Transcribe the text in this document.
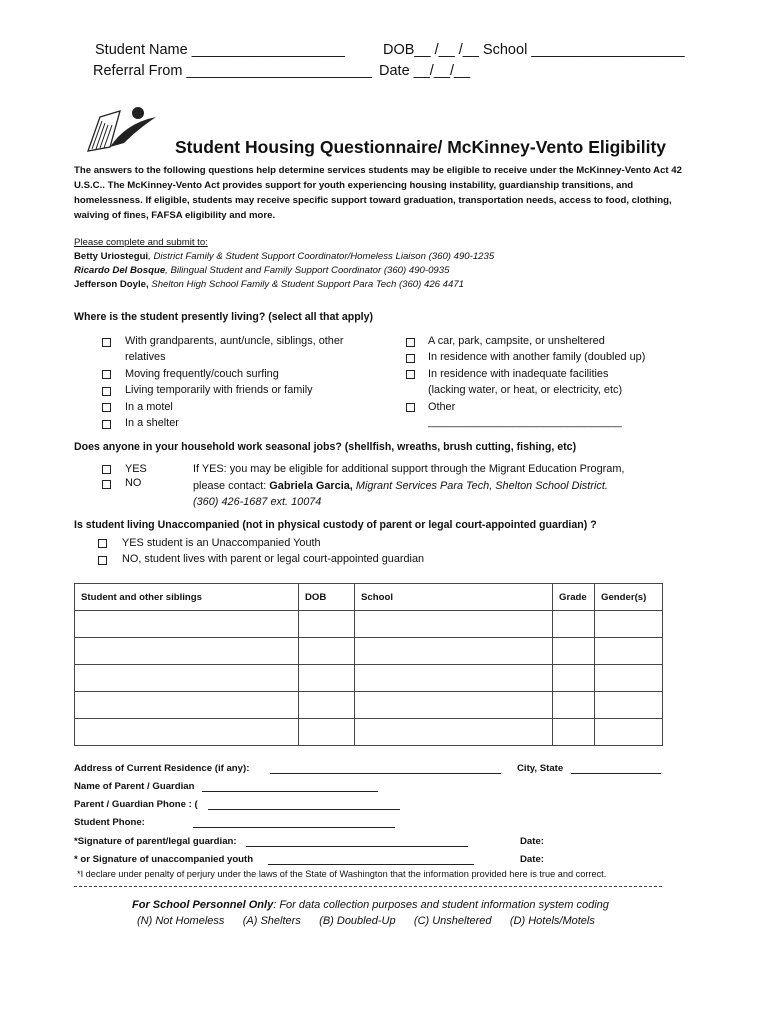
Student Name ___________________	DOB__ /__ /__ School ___________________
Referral From _______________________ Date __/__/__
Student Housing Questionnaire/ McKinney-Vento Eligibility
The answers to the following questions help determine services students may be eligible to receive under the McKinney-Vento Act 42 U.S.C.. The McKinney-Vento Act provides support for youth experiencing housing instability, guardianship transitions, and homelessness. If eligible, students may receive specific support toward graduation, transportation needs, access to food, clothing, waiving of fines, FAFSA eligibility and more.
Please complete and submit to:
Betty Uriostegui, District Family & Student Support Coordinator/Homeless Liaison (360) 490-1235
Ricardo Del Bosque, Bilingual Student and Family Support Coordinator (360) 490-0935
Jefferson Doyle, Shelton High School Family & Student Support Para Tech (360) 426 4471
Where is the student presently living? (select all that apply)
With grandparents, aunt/uncle, siblings, other
relatives
Moving frequently/couch surfing
Living temporarily with friends or family
In a motel
In a shelter
A car, park, campsite, or unsheltered
In residence with another family (doubled up)
In residence with inadequate facilities
(lacking water, or heat, or electricity, etc)
Other
________________________________
Does anyone in your household work seasonal jobs? (shellfish, wreaths, brush cutting, fishing, etc)
YES
NO
If YES: you may be eligible for additional support through the Migrant Education Program,
please contact: Gabriela Garcia, Migrant Services Para Tech, Shelton School District.
(360) 426-1687 ext. 10074
Is student living Unaccompanied (not in physical custody of parent or legal court-appointed guardian) ?
YES student is an Unaccompanied Youth
NO, student lives with parent or legal court-appointed guardian
Student and other siblings	DOB	School	Grade	Gender(s)

Address of Current Residence (if any):	City, State
Name of Parent / Guardian
Parent / Guardian Phone : (
Student Phone:
*Signature of parent/legal guardian:	Date:
* or Signature of unaccompanied youth	Date:
*I declare under penalty of perjury under the laws of the State of Washington that the information provided here is true and correct.
For School Personnel Only: For data collection purposes and student information system coding
(N) Not Homeless      (A) Shelters      (B) Doubled-Up      (C) Unsheltered      (D) Hotels/Motels
